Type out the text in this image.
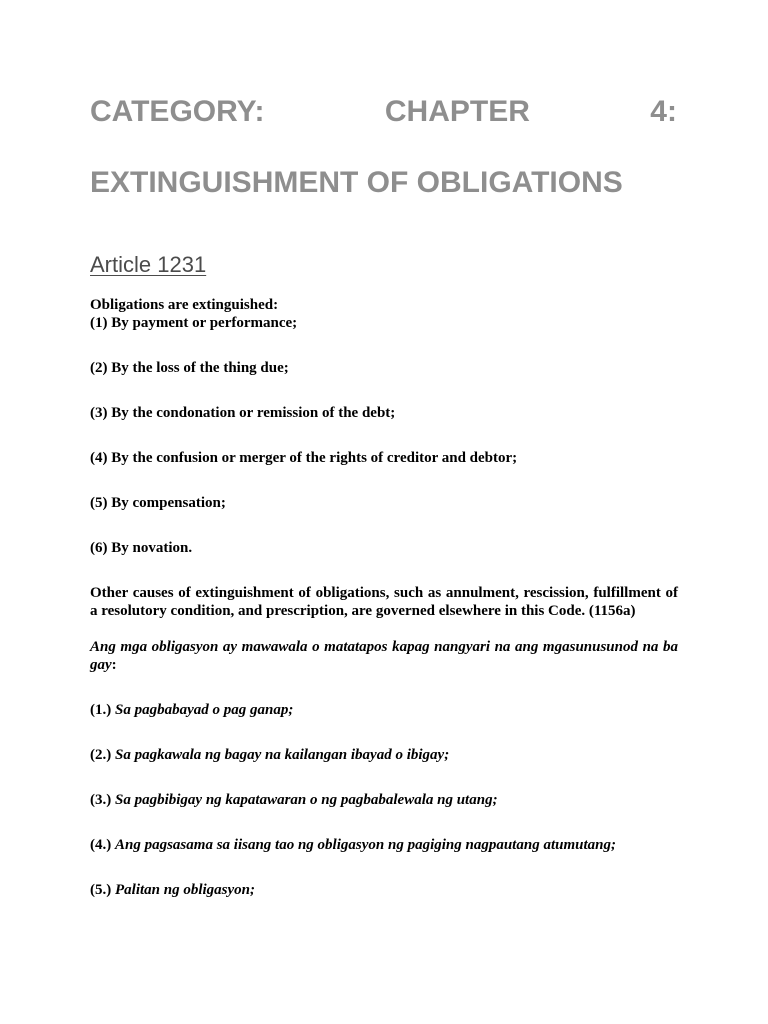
CATEGORY:	CHAPTER	4:
EXTINGUISHMENT OF OBLIGATIONS
Article 1231
Obligations are extinguished:
(1) By payment or performance;
(2) By the loss of the thing due;
(3) By the condonation or remission of the debt;
(4) By the confusion or merger of the rights of creditor and debtor;
(5) By compensation;
(6) By novation.
Other causes of extinguishment of obligations, such as annulment, rescission, fulfillment of
a resolutory condition, and prescription, are governed elsewhere in this Code. (1156a)
Ang mga obligasyon ay mawawala o matatapos kapag nangyari na ang mgasunusunod na ba
gay:
(1.) Sa pagbabayad o pag ganap;
(2.) Sa pagkawala ng bagay na kailangan ibayad o ibigay;
(3.) Sa pagbibigay ng kapatawaran o ng pagbabalewala ng utang;
(4.) Ang pagsasama sa iisang tao ng obligasyon ng pagiging nagpautang atumutang;
(5.) Palitan ng obligasyon;
